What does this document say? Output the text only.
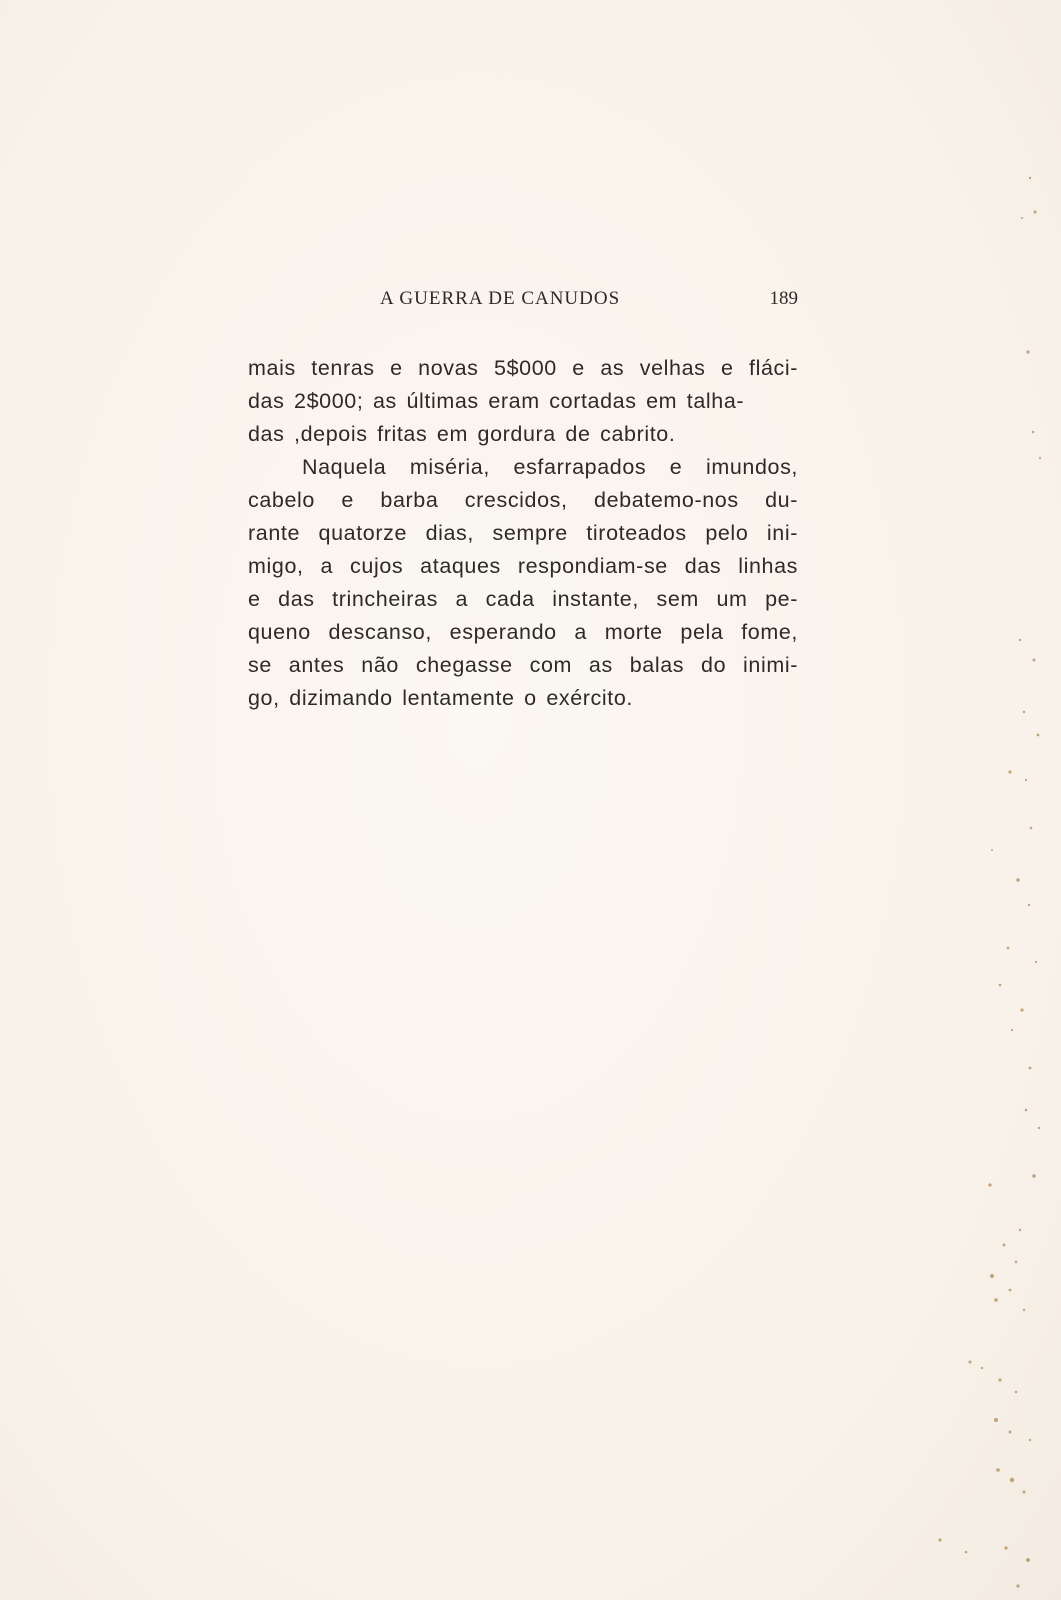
A GUERRA DE CANUDOS	189
mais tenras e novas 5$000 e as velhas e fláci-
das 2$000; as últimas eram cortadas em talha-
das ,depois fritas em gordura de cabrito.
Naquela miséria, esfarrapados e imundos,
cabelo e barba crescidos, debatemo-nos du-
rante quatorze dias, sempre tiroteados pelo ini-
migo, a cujos ataques respondiam-se das linhas
e das trincheiras a cada instante, sem um pe-
queno descanso, esperando a morte pela fome,
se antes não chegasse com as balas do inimi-
go, dizimando lentamente o exército.
